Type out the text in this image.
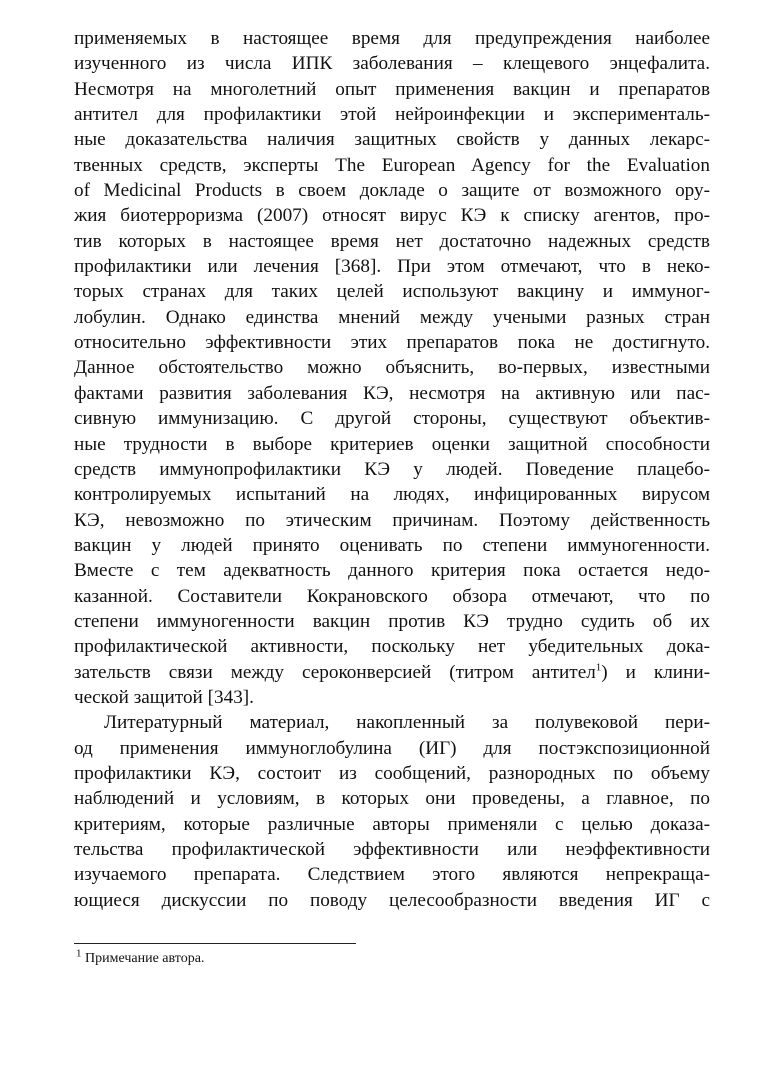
применяемых в настоящее время для предупреждения наиболее
изученного из числа ИПК заболевания – клещевого энцефалита.
Несмотря на многолетний опыт применения вакцин и препаратов
антител для профилактики этой нейроинфекции и эксперименталь-
ные доказательства наличия защитных свойств у данных лекарс-
твенных средств, эксперты The European Agency for the Evaluation
of Medicinal Products в своем докладе о защите от возможного ору-
жия биотерроризма (2007) относят вирус КЭ к списку агентов, про-
тив которых в настоящее время нет достаточно надежных средств
профилактики или лечения [368]. При этом отмечают, что в неко-
торых странах для таких целей используют вакцину и иммуног-
лобулин. Однако единства мнений между учеными разных стран
относительно эффективности этих препаратов пока не достигнуто.
Данное обстоятельство можно объяснить, во-первых, известными
фактами развития заболевания КЭ, несмотря на активную или пас-
сивную иммунизацию. С другой стороны, существуют объектив-
ные трудности в выборе критериев оценки защитной способности
средств иммунопрофилактики КЭ у людей. Поведение плацебо-
контролируемых испытаний на людях, инфицированных вирусом
КЭ, невозможно по этическим причинам. Поэтому действенность
вакцин у людей принято оценивать по степени иммуногенности.
Вместе с тем адекватность данного критерия пока остается недо-
казанной. Составители Кокрановского обзора отмечают, что по
степени иммуногенности вакцин против КЭ трудно судить об их
профилактической активности, поскольку нет убедительных дока-
зательств связи между сероконверсией (титром антител$^1$) и клини-
чеcкой защитой [343].
Литературный материал, накопленный за полувековой пери-
од применения иммуноглобулина (ИГ) для постэкспозиционной
профилактики КЭ, состоит из сообщений, разнородных по объему
наблюдений и условиям, в которых они проведены, а главное, по
критериям, которые различные авторы применяли с целью доказа-
тельства профилактической эффективности или неэффективности
изучаемого препарата. Следствием этого являются непрекраща-
ющиеся дискуссии по поводу целесообразности введения ИГ с
$^1$ Примечание автора.
